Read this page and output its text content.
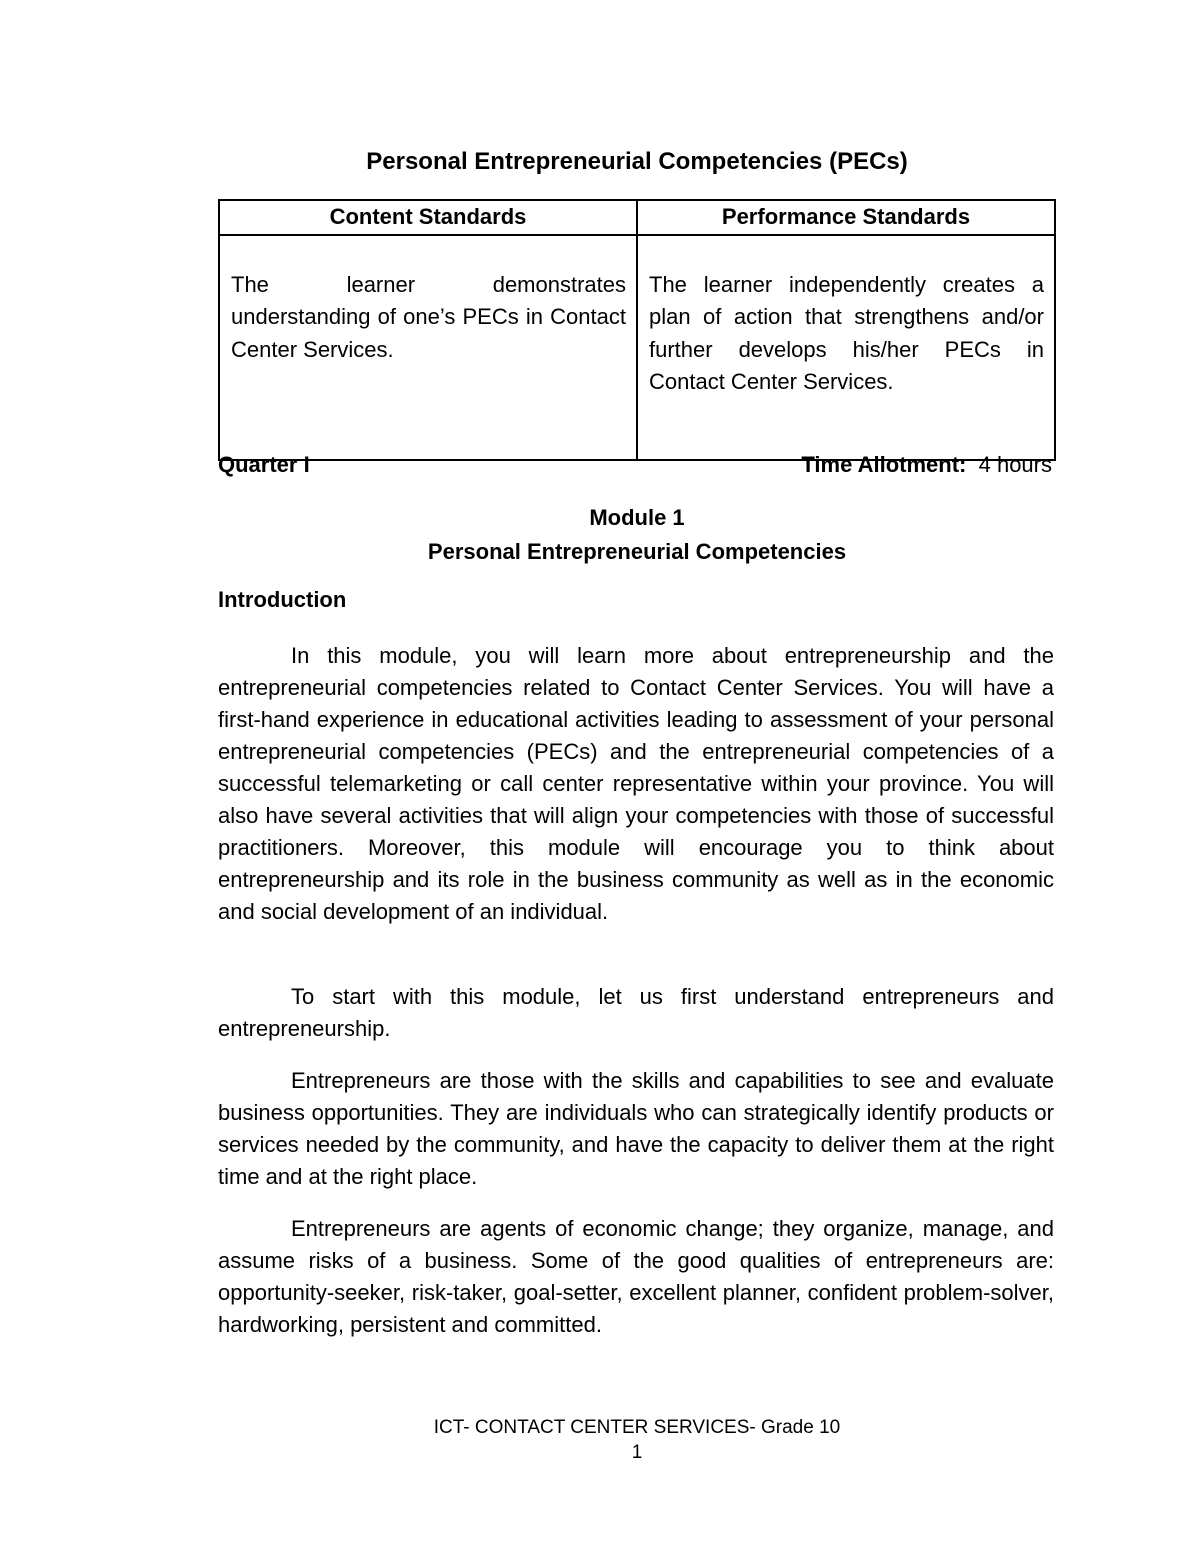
Personal Entrepreneurial Competencies (PECs)
Content Standards	Performance Standards
The learner demonstrates understanding of one’s PECs in Contact Center Services.	The learner independently creates a plan of action that strengthens and/or further develops his/her PECs in Contact Center Services.
Quarter I	Time Allotment: 4 hours
Module 1
Personal Entrepreneurial Competencies
Introduction

In this module, you will learn more about entrepreneurship and the entrepreneurial competencies related to Contact Center Services. You will have a first-hand experience in educational activities leading to assessment of your personal entrepreneurial competencies (PECs) and the entrepreneurial competencies of a successful telemarketing or call center representative within your province. You will also have several activities that will align your competencies with those of successful practitioners. Moreover, this module will encourage you to think about entrepreneurship and its role in the business community as well as in the economic and social development of an individual.

To start with this module, let us first understand entrepreneurs and entrepreneurship.

Entrepreneurs are those with the skills and capabilities to see and evaluate business opportunities. They are individuals who can strategically identify products or services needed by the community, and have the capacity to deliver them at the right time and at the right place.

Entrepreneurs are agents of economic change; they organize, manage, and assume risks of a business. Some of the good qualities of entrepreneurs are: opportunity-seeker, risk-taker, goal-setter, excellent planner, confident problem-solver, hardworking, persistent and committed.

ICT- CONTACT CENTER SERVICES- Grade 10
1
